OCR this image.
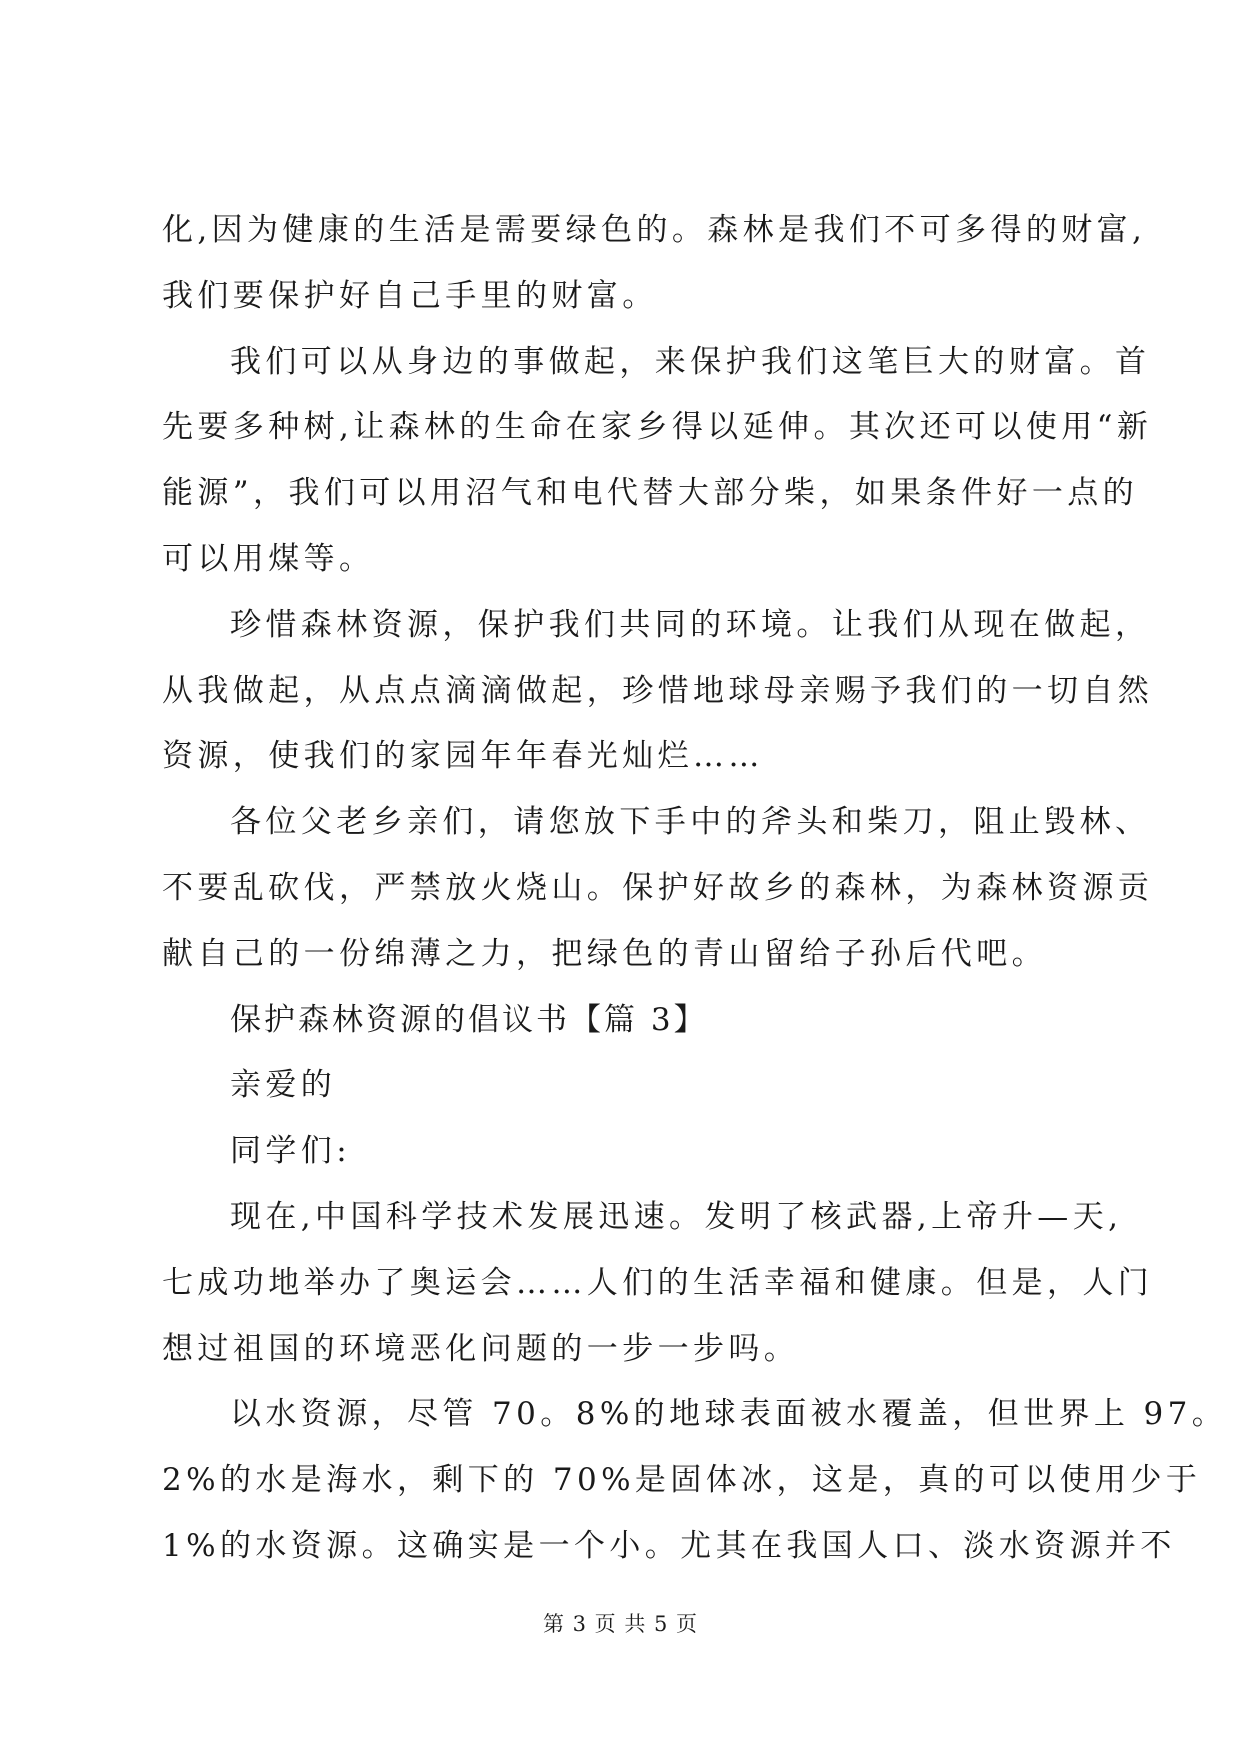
化,因为健康的生活是需要绿色的。森林是我们不可多得的财富,
我们要保护好自己手里的财富。
我们可以从身边的事做起，来保护我们这笔巨大的财富。首
先要多种树,让森林的生命在家乡得以延伸。其次还可以使用“新
能源”，我们可以用沼气和电代替大部分柴，如果条件好一点的
可以用煤等。
珍惜森林资源，保护我们共同的环境。让我们从现在做起，
从我做起，从点点滴滴做起，珍惜地球母亲赐予我们的一切自然
资源，使我们的家园年年春光灿烂……
各位父老乡亲们，请您放下手中的斧头和柴刀，阻止毁林、
不要乱砍伐，严禁放火烧山。保护好故乡的森林，为森林资源贡
献自己的一份绵薄之力，把绿色的青山留给子孙后代吧。
保护森林资源的倡议书【篇 3】
亲爱的
同学们:
现在,中国科学技术发展迅速。发明了核武器,上帝升—天,
七成功地举办了奥运会……人们的生活幸福和健康。但是，人门
想过祖国的环境恶化问题的一步一步吗。
以水资源，尽管 70。8%的地球表面被水覆盖，但世界上 97。
2%的水是海水，剩下的 70%是固体冰，这是，真的可以使用少于
1%的水资源。这确实是一个小。尤其在我国人口、淡水资源并不
第 3 页 共 5 页
